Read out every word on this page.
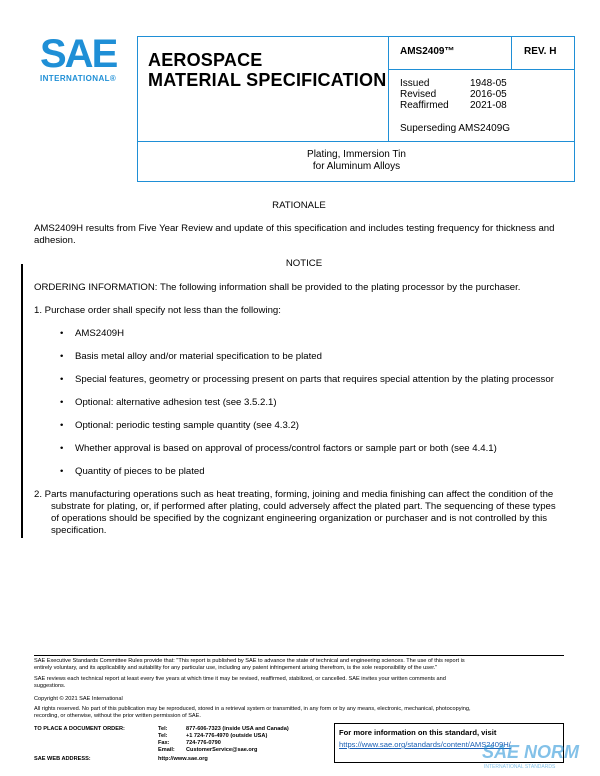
SAE
INTERNATIONAL®
AEROSPACE
MATERIAL SPECIFICATION
AMS2409™	REV. H
Issued	1948-05
Revised	2016-05
Reaffirmed 2021-08
Superseding AMS2409G
Plating, Immersion Tin
for Aluminum Alloys
RATIONALE
AMS2409H results from Five Year Review and update of this specification and includes testing frequency for thickness and
adhesion.
NOTICE
ORDERING INFORMATION: The following information shall be provided to the plating processor by the purchaser.
1. Purchase order shall specify not less than the following:
• AMS2409H
• Basis metal alloy and/or material specification to be plated
• Special features, geometry or processing present on parts that requires special attention by the plating processor
• Optional: alternative adhesion test (see 3.5.2.1)
• Optional: periodic testing sample quantity (see 4.3.2)
• Whether approval is based on approval of process/control factors or sample part or both (see 4.4.1)
• Quantity of pieces to be plated
2. Parts manufacturing operations such as heat treating, forming, joining and media finishing can affect the condition of the
substrate for plating, or, if performed after plating, could adversely affect the plated part. The sequencing of these types
of operations should be specified by the cognizant engineering organization or purchaser and is not controlled by this
specification.
SAE Executive Standards Committee Rules provide that: "This report is published by SAE to advance the state of technical and engineering sciences. The use of this report is
entirely voluntary, and its applicability and suitability for any particular use, including any patent infringement arising therefrom, is the sole responsibility of the user."
SAE reviews each technical report at least every five years at which time it may be revised, reaffirmed, stabilized, or cancelled. SAE invites your written comments and
suggestions.
Copyright © 2021 SAE International
All rights reserved. No part of this publication may be reproduced, stored in a retrieval system or transmitted, in any form or by any means, electronic, mechanical, photocopying,
recording, or otherwise, without the prior written permission of SAE.
TO PLACE A DOCUMENT ORDER:	Tel:	877-606-7323 (inside USA and Canada)
Tel:	+1 724-776-4970 (outside USA)
Fax:	724-776-0790
Email: CustomerService@sae.org
SAE WEB ADDRESS:	http://www.sae.org
For more information on this standard, visit
https://www.sae.org/standards/content/AMS2409H/
SAE NORM
INTERNATIONAL STANDARDS
